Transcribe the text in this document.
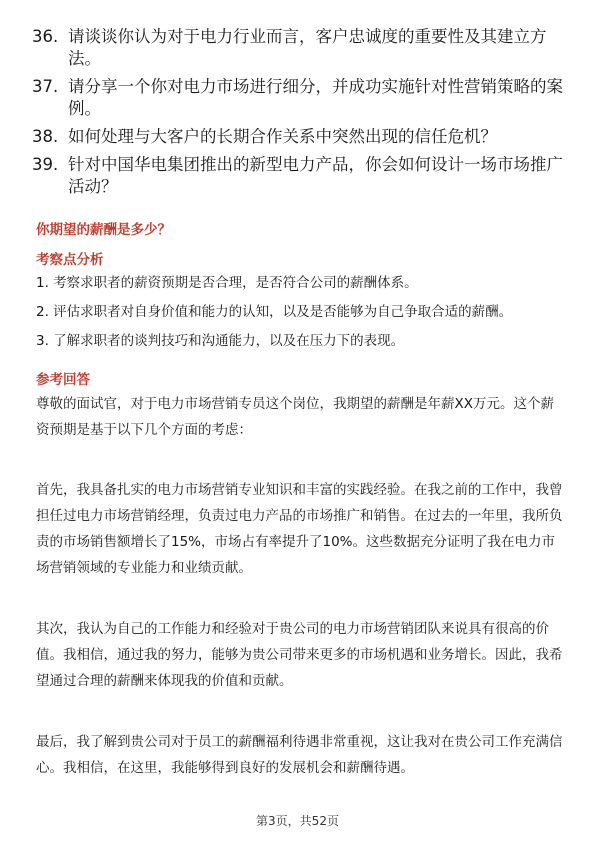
36. 请谈谈你认为对于电力行业而言，客户忠诚度的重要性及其建立方法。
37. 请分享一个你对电力市场进行细分，并成功实施针对性营销策略的案例。
38. 如何处理与大客户的长期合作关系中突然出现的信任危机？
39. 针对中国华电集团推出的新型电力产品，你会如何设计一场市场推广活动？
你期望的薪酬是多少？
考察点分析
1. 考察求职者的薪资预期是否合理，是否符合公司的薪酬体系。
2. 评估求职者对自身价值和能力的认知，以及是否能够为自己争取合适的薪酬。
3. 了解求职者的谈判技巧和沟通能力，以及在压力下的表现。
参考回答
尊敬的面试官，对于电力市场营销专员这个岗位，我期望的薪酬是年薪XX万元。这个薪资预期是基于以下几个方面的考虑：
首先，我具备扎实的电力市场营销专业知识和丰富的实践经验。在我之前的工作中，我曾担任过电力市场营销经理，负责过电力产品的市场推广和销售。在过去的一年里，我所负责的市场销售额增长了15%，市场占有率提升了10%。这些数据充分证明了我在电力市场营销领域的专业能力和业绩贡献。
其次，我认为自己的工作能力和经验对于贵公司的电力市场营销团队来说具有很高的价值。我相信，通过我的努力，能够为贵公司带来更多的市场机遇和业务增长。因此，我希望通过合理的薪酬来体现我的价值和贡献。
最后，我了解到贵公司对于员工的薪酬福利待遇非常重视，这让我对在贵公司工作充满信心。我相信，在这里，我能够得到良好的发展机会和薪酬待遇。
第3页，共52页
